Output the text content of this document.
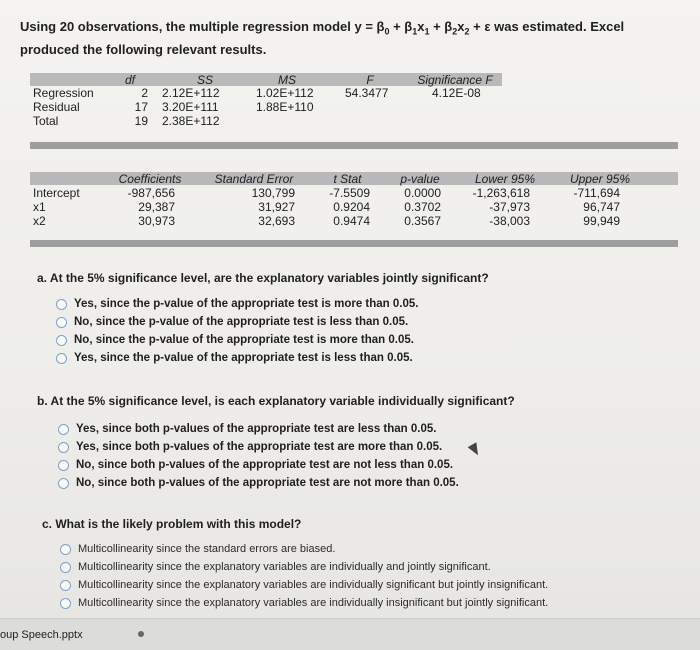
Using 20 observations, the multiple regression model $y = \beta_0 + \beta_1x_1 + \beta_2x_2 + \varepsilon$ was estimated. Excel
produced the following relevant results.
df	SS	MS	F	Significance F
Regression	2 2.12E+112	1.02E+112	54.3477	4.12E-08
Residual	17 3.20E+111	1.88E+110
Total	19 2.38E+112
Coefficients	Standard Error	t Stat	p-value	Lower 95%	Upper 95%
Intercept	-987,656	130,799	-7.5509	0.0000	-1,263,618	-711,694
x1	29,387	31,927	0.9204	0.3702	-37,973	96,747
x2	30,973	32,693	0.9474	0.3567	-38,003	99,949
a. At the 5% significance level, are the explanatory variables jointly significant?
Yes, since the p-value of the appropriate test is more than 0.05.
No, since the p-value of the appropriate test is less than 0.05.
No, since the p-value of the appropriate test is more than 0.05.
Yes, since the p-value of the appropriate test is less than 0.05.
b. At the 5% significance level, is each explanatory variable individually significant?
Yes, since both p-values of the appropriate test are less than 0.05.
Yes, since both p-values of the appropriate test are more than 0.05.
No, since both p-values of the appropriate test are not less than 0.05.
No, since both p-values of the appropriate test are not more than 0.05.
c. What is the likely problem with this model?
Multicollinearity since the standard errors are biased.
Multicollinearity since the explanatory variables are individually and jointly significant.
Multicollinearity since the explanatory variables are individually significant but jointly insignificant.
Multicollinearity since the explanatory variables are individually insignificant but jointly significant.
oup Speech.pptx
